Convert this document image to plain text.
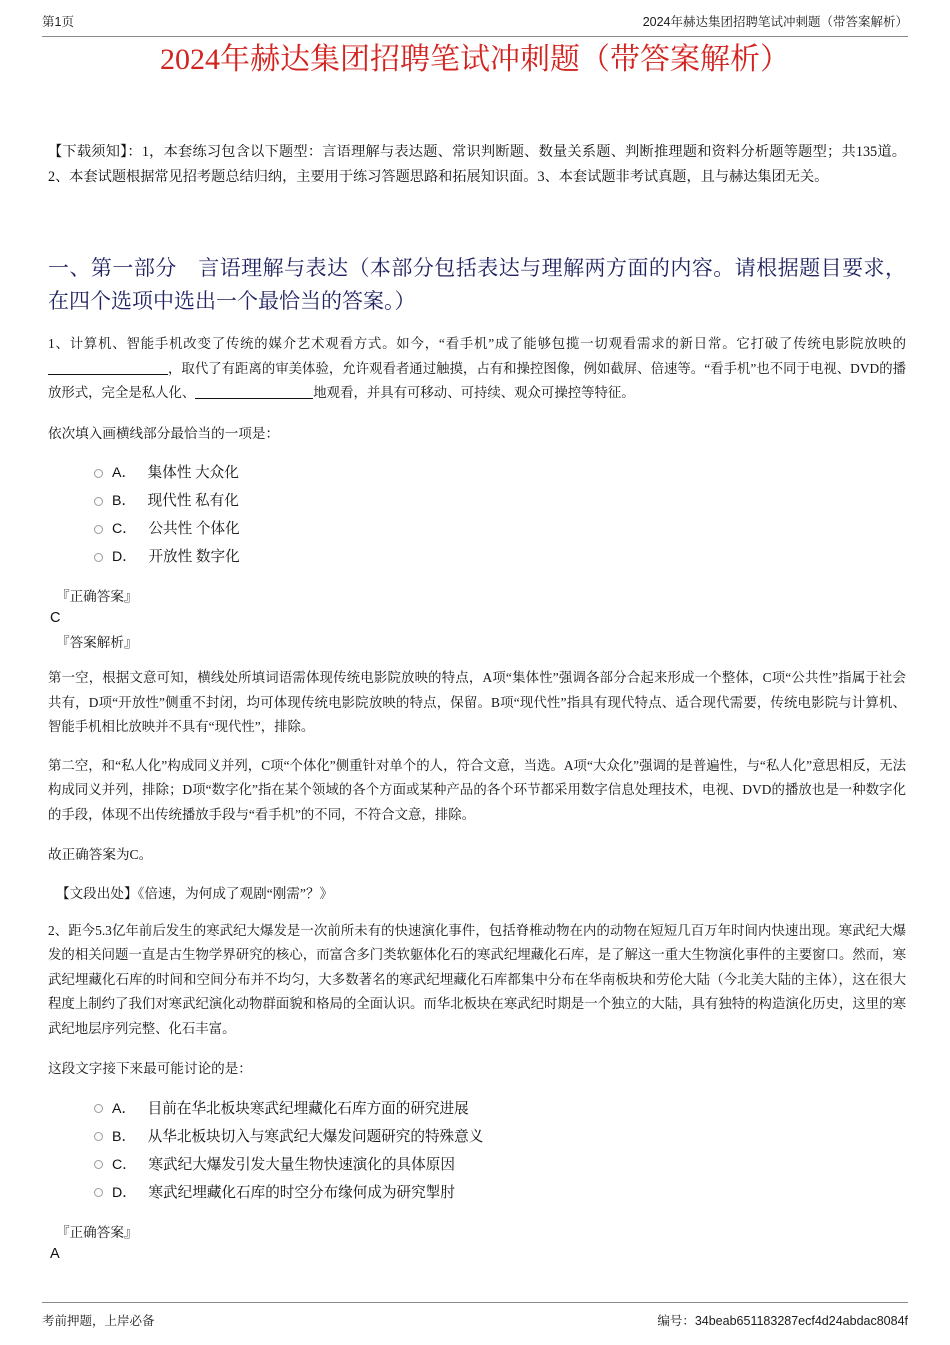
第1页	2024年赫达集团招聘笔试冲刺题（带答案解析）
2024年赫达集团招聘笔试冲刺题（带答案解析）

【下载须知】：1，本套练习包含以下题型：言语理解与表达题、常识判断题、数量关系题、判断推理题和资料分析题等题型；共135道。2、本套试题根据常见招考题总结归纳，主要用于练习答题思路和拓展知识面。3、本套试题非考试真题，且与赫达集团无关。

一、第一部分　言语理解与表达（本部分包括表达与理解两方面的内容。请根据题目要求，在四个选项中选出一个最恰当的答案。）

1、计算机、智能手机改变了传统的媒介艺术观看方式。如今，“看手机”成了能够包揽一切观看需求的新日常。它打破了传统电影院放映的，取代了有距离的审美体验，允许观看者通过触摸，占有和操控图像，例如截屏、倍速等。“看手机”也不同于电视、DVD的播放形式，完全是私人化、	地观看，并具有可移动、可持续、观众可操控等特征。

依次填入画横线部分最恰当的一项是：

A． 集体性 大众化
B． 现代性 私有化
C． 公共性 个体化
D． 开放性 数字化
『正确答案』
C
『答案解析』

第一空，根据文意可知，横线处所填词语需体现传统电影院放映的特点，A项“集体性”强调各部分合起来形成一个整体，C项“公共性”指属于社会共有，D项“开放性”侧重不封闭，均可体现传统电影院放映的特点，保留。B项“现代性”指具有现代特点、适合现代需要，传统电影院与计算机、智能手机相比放映并不具有“现代性”，排除。

第二空，和“私人化”构成同义并列，C项“个体化”侧重针对单个的人，符合文意，当选。A项“大众化”强调的是普遍性，与“私人化”意思相反，无法构成同义并列，排除；D项“数字化”指在某个领域的各个方面或某种产品的各个环节都采用数字信息处理技术，电视、DVD的播放也是一种数字化的手段，体现不出传统播放手段与“看手机”的不同，不符合文意，排除。

故正确答案为C。

【文段出处】《倍速，为何成了观剧“刚需”？》

2、距今5.3亿年前后发生的寒武纪大爆发是一次前所未有的快速演化事件，包括脊椎动物在内的动物在短短几百万年时间内快速出现。寒武纪大爆发的相关问题一直是古生物学界研究的核心，而富含多门类软躯体化石的寒武纪埋藏化石库，是了解这一重大生物演化事件的主要窗口。然而，寒武纪埋藏化石库的时间和空间分布并不均匀，大多数著名的寒武纪埋藏化石库都集中分布在华南板块和劳伦大陆（今北美大陆的主体），这在很大程度上制约了我们对寒武纪演化动物群面貌和格局的全面认识。而华北板块在寒武纪时期是一个独立的大陆，具有独特的构造演化历史，这里的寒武纪地层序列完整、化石丰富。

这段文字接下来最可能讨论的是：

A． 目前在华北板块寒武纪埋藏化石库方面的研究进展
B． 从华北板块切入与寒武纪大爆发问题研究的特殊意义
C． 寒武纪大爆发引发大量生物快速演化的具体原因
D． 寒武纪埋藏化石库的时空分布缘何成为研究掣肘
『正确答案』
A
考前押题，上岸必备	编号：34beab651183287ecf4d24abdac8084f
